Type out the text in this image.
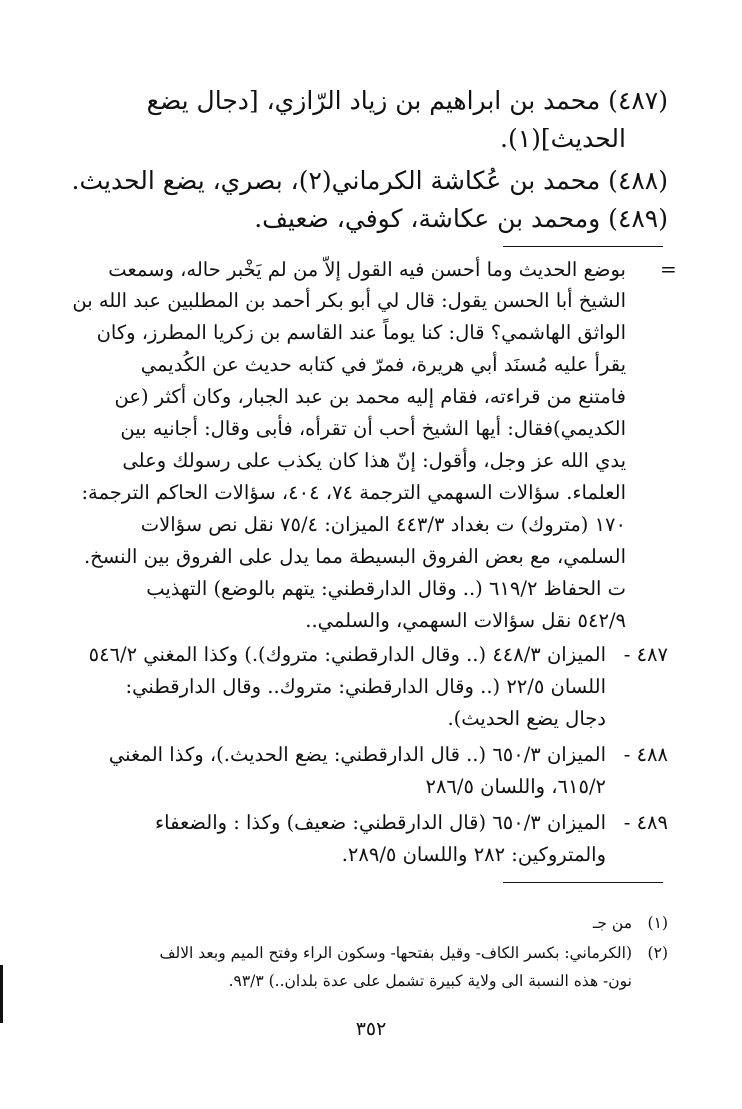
(٤٨٧) محمد بن ابراهيم بن زياد الرّازي، [دجال يضع
الحديث](١).
(٤٨٨) محمد بن عُكاشة الكرماني(٢)، بصري، يضع الحديث.
(٤٨٩) ومحمد بن عكاشة، كوفي، ضعيف.
=
بوضع الحديث وما أحسن فيه القول إلاّ من لم يَخْبر حاله، وسمعت
الشيخ أبا الحسن يقول: قال لي أبو بكر أحمد بن المطلبين عبد الله بن
الواثق الهاشمي؟ قال: كنا يوماً عند القاسم بن زكريا المطرز، وكان
يقرأ عليه مُسنَد أبي هريرة، فمرّ في كتابه حديث عن الكُديمي
فامتنع من قراءته، فقام إليه محمد بن عبد الجبار، وكان أكثر (عن
الكديمي)فقال: أيها الشيخ أحب أن تقرأه، فأبى وقال: أجانيه بين
يدي الله عز وجل، وأقول: إنّ هذا كان يكذب على رسولك وعلى
العلماء. سؤالات السهمي الترجمة ٧٤، ٤٠٤، سؤالات الحاكم الترجمة:
١٧٠ (متروك) ت بغداد ٤٤٣/٣ الميزان: ٧٥/٤ نقل نص سؤالات
السلمي، مع بعض الفروق البسيطة مما يدل على الفروق بين النسخ.
ت الحفاظ ٦١٩/٢ (.. وقال الدارقطني: يتهم بالوضع) التهذيب
٥٤٢/٩ نقل سؤالات السهمي، والسلمي..
٤٨٧ -
الميزان ٤٤٨/٣ (.. وقال الدارقطني: متروك).) وكذا المغني ٥٤٦/٢
اللسان ٢٢/٥ (.. وقال الدارقطني: متروك.. وقال الدارقطني:
دجال يضع الحديث).
٤٨٨ -
الميزان ٦٥٠/٣ (.. قال الدارقطني: يضع الحديث.)، وكذا المغني
٦١٥/٢، واللسان ٢٨٦/٥
٤٨٩ -
الميزان ٦٥٠/٣ (قال الدارقطني: ضعيف) وكذا : والضعفاء
والمتروكين: ٢٨٢ واللسان ٢٨٩/٥.
(١)
من جـ
(٢)
(الكرماني: بكسر الكاف- وقيل بفتحها- وسكون الراء وفتح الميم وبعد الالف
نون- هذه النسبة الى ولاية كبيرة تشمل على عدة بلدان..) ٩٣/٣.
٣٥٢
